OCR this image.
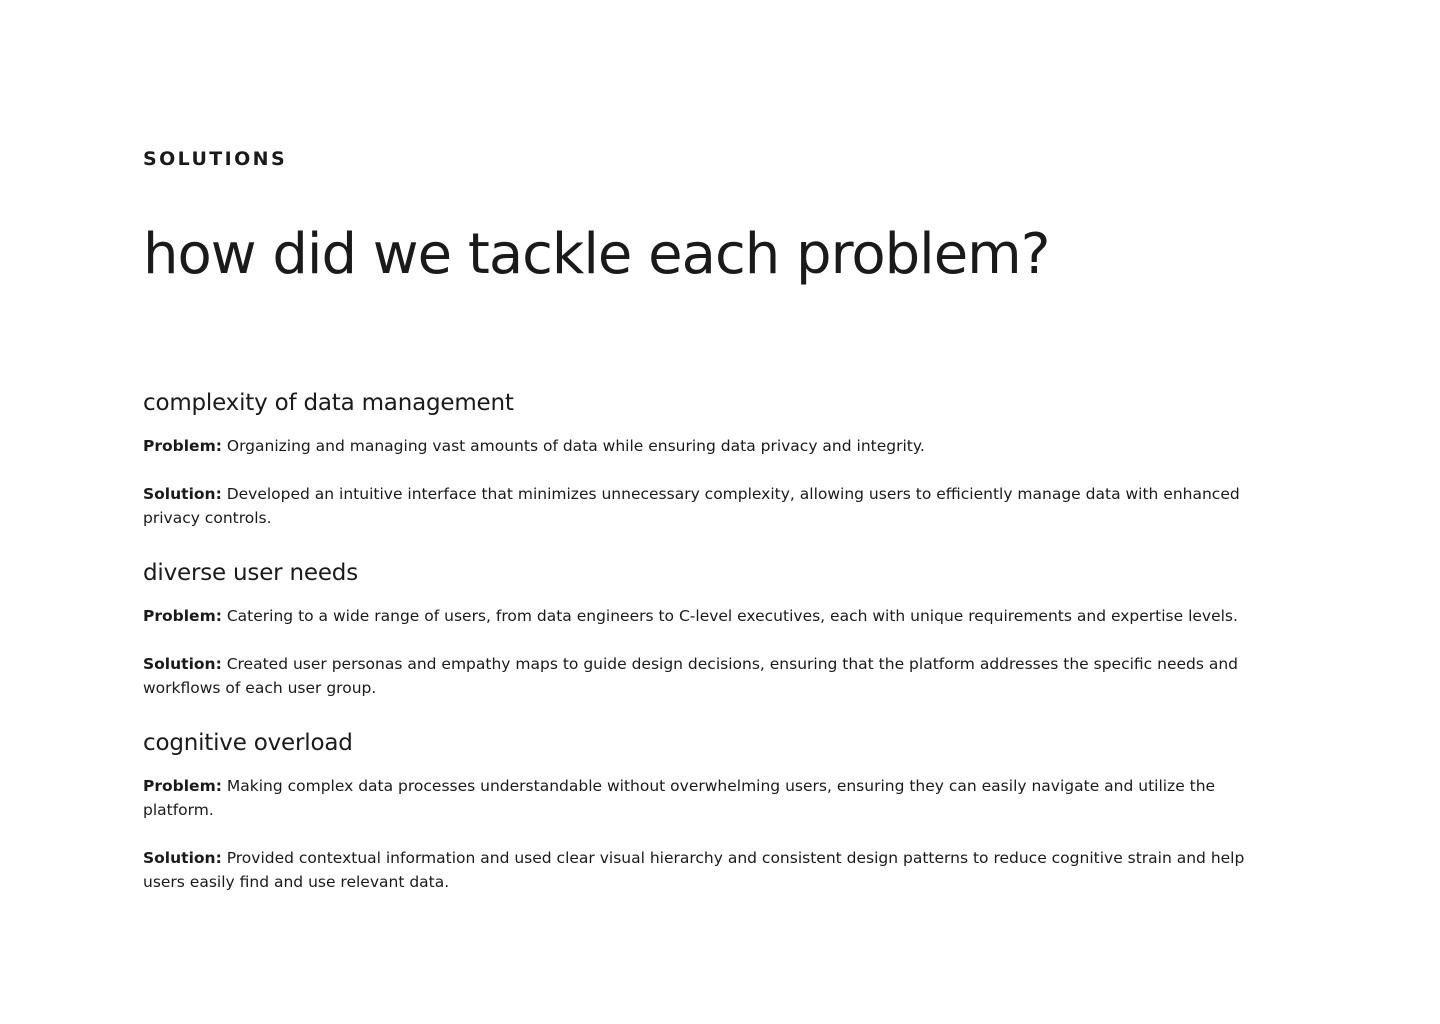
SOLUTIONS
how did we tackle each problem?
complexity of data management

Problem: Organizing and managing vast amounts of data while ensuring data privacy and integrity.

Solution: Developed an intuitive interface that minimizes unnecessary complexity, allowing users to efficiently manage data with enhanced privacy controls.

diverse user needs

Problem: Catering to a wide range of users, from data engineers to C-level executives, each with unique requirements and expertise levels.

Solution: Created user personas and empathy maps to guide design decisions, ensuring that the platform addresses the specific needs and workflows of each user group.

cognitive overload

Problem: Making complex data processes understandable without overwhelming users, ensuring they can easily navigate and utilize the platform.

Solution: Provided contextual information and used clear visual hierarchy and consistent design patterns to reduce cognitive strain and help users easily find and use relevant data.
